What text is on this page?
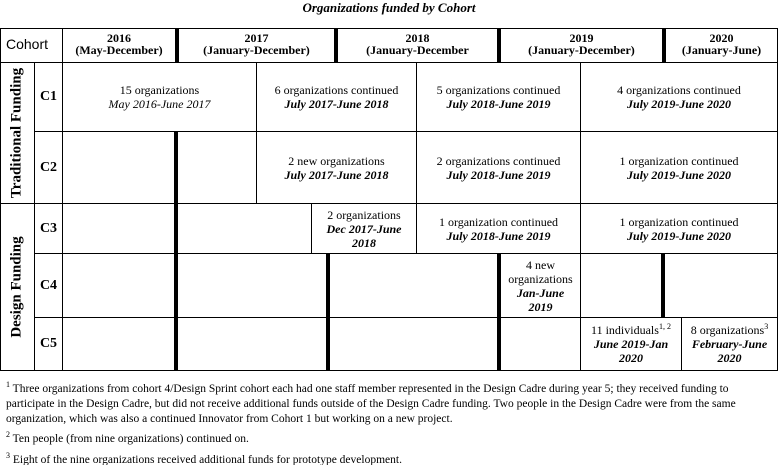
Organizations funded by Cohort
Cohort	2016
(May-December)
2017
(January-December)
2018
(January-December
2019
(January-December)
2020
(January-June)
Traditional Funding
Design Funding
C1
C2
C3
C4
C5
15 organizations
May 2016-June 2017
6 organizations continued
July 2017-June 2018
5 organizations continued
July 2018-June 2019
4 organizations continued
July 2019-June 2020
2 new organizations
July 2017-June 2018
2 organizations continued
July 2018-June 2019
1 organization continued
July 2019-June 2020
2 organizations
Dec 2017-June
2018
1 organization continued
July 2018-June 2019
1 organization continued
July 2019-June 2020
4 new
organizations
Jan-June
2019
11 individuals$^{1, 2}$
June 2019-Jan
2020
8 organizations$^3$
February-June
2020
$^1$ Three organizations from cohort 4/Design Sprint cohort each had one staff member represented in the Design Cadre during year 5; they received funding to participate in the Design Cadre, but did not receive additional funds outside of the Design Cadre funding. Two people in the Design Cadre were from the same organization, which was also a continued Innovator from Cohort 1 but working on a new project.
$^2$ Ten people (from nine organizations) continued on.
$^3$ Eight of the nine organizations received additional funds for prototype development.
